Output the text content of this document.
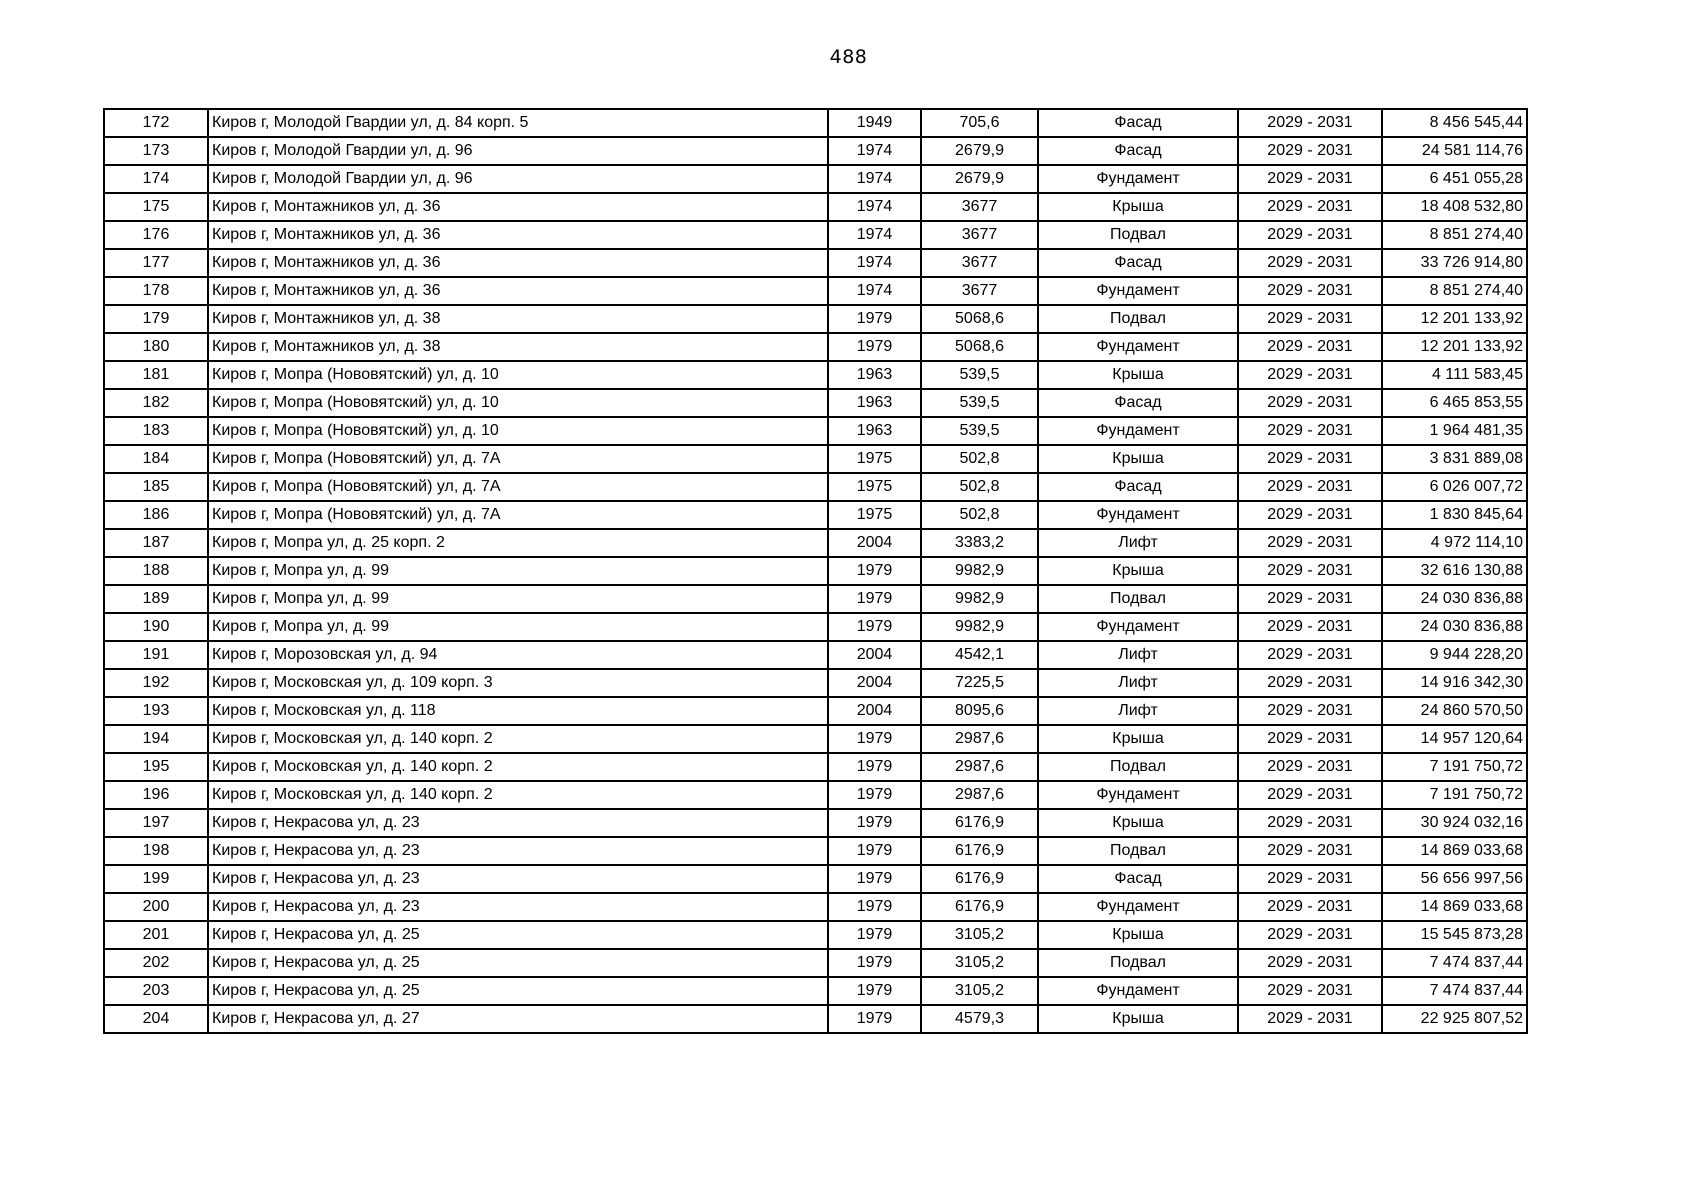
488
172	Киров г, Молодой Гвардии ул, д. 84 корп. 5	1949	705,6	Фасад	2029 - 2031	8 456 545,44
173	Киров г, Молодой Гвардии ул, д. 96	1974	2679,9	Фасад	2029 - 2031	24 581 114,76
174	Киров г, Молодой Гвардии ул, д. 96	1974	2679,9	Фундамент	2029 - 2031	6 451 055,28
175	Киров г, Монтажников ул, д. 36	1974	3677	Крыша	2029 - 2031	18 408 532,80
176	Киров г, Монтажников ул, д. 36	1974	3677	Подвал	2029 - 2031	8 851 274,40
177	Киров г, Монтажников ул, д. 36	1974	3677	Фасад	2029 - 2031	33 726 914,80
178	Киров г, Монтажников ул, д. 36	1974	3677	Фундамент	2029 - 2031	8 851 274,40
179	Киров г, Монтажников ул, д. 38	1979	5068,6	Подвал	2029 - 2031	12 201 133,92
180	Киров г, Монтажников ул, д. 38	1979	5068,6	Фундамент	2029 - 2031	12 201 133,92
181	Киров г, Мопра (Нововятский) ул, д. 10	1963	539,5	Крыша	2029 - 2031	4 111 583,45
182	Киров г, Мопра (Нововятский) ул, д. 10	1963	539,5	Фасад	2029 - 2031	6 465 853,55
183	Киров г, Мопра (Нововятский) ул, д. 10	1963	539,5	Фундамент	2029 - 2031	1 964 481,35
184	Киров г, Мопра (Нововятский) ул, д. 7А	1975	502,8	Крыша	2029 - 2031	3 831 889,08
185	Киров г, Мопра (Нововятский) ул, д. 7А	1975	502,8	Фасад	2029 - 2031	6 026 007,72
186	Киров г, Мопра (Нововятский) ул, д. 7А	1975	502,8	Фундамент	2029 - 2031	1 830 845,64
187	Киров г, Мопра ул, д. 25 корп. 2	2004	3383,2	Лифт	2029 - 2031	4 972 114,10
188	Киров г, Мопра ул, д. 99	1979	9982,9	Крыша	2029 - 2031	32 616 130,88
189	Киров г, Мопра ул, д. 99	1979	9982,9	Подвал	2029 - 2031	24 030 836,88
190	Киров г, Мопра ул, д. 99	1979	9982,9	Фундамент	2029 - 2031	24 030 836,88
191	Киров г, Морозовская ул, д. 94	2004	4542,1	Лифт	2029 - 2031	9 944 228,20
192	Киров г, Московская ул, д. 109 корп. 3	2004	7225,5	Лифт	2029 - 2031	14 916 342,30
193	Киров г, Московская ул, д. 118	2004	8095,6	Лифт	2029 - 2031	24 860 570,50
194	Киров г, Московская ул, д. 140 корп. 2	1979	2987,6	Крыша	2029 - 2031	14 957 120,64
195	Киров г, Московская ул, д. 140 корп. 2	1979	2987,6	Подвал	2029 - 2031	7 191 750,72
196	Киров г, Московская ул, д. 140 корп. 2	1979	2987,6	Фундамент	2029 - 2031	7 191 750,72
197	Киров г, Некрасова ул, д. 23	1979	6176,9	Крыша	2029 - 2031	30 924 032,16
198	Киров г, Некрасова ул, д. 23	1979	6176,9	Подвал	2029 - 2031	14 869 033,68
199	Киров г, Некрасова ул, д. 23	1979	6176,9	Фасад	2029 - 2031	56 656 997,56
200	Киров г, Некрасова ул, д. 23	1979	6176,9	Фундамент	2029 - 2031	14 869 033,68
201	Киров г, Некрасова ул, д. 25	1979	3105,2	Крыша	2029 - 2031	15 545 873,28
202	Киров г, Некрасова ул, д. 25	1979	3105,2	Подвал	2029 - 2031	7 474 837,44
203	Киров г, Некрасова ул, д. 25	1979	3105,2	Фундамент	2029 - 2031	7 474 837,44
204	Киров г, Некрасова ул, д. 27	1979	4579,3	Крыша	2029 - 2031	22 925 807,52
